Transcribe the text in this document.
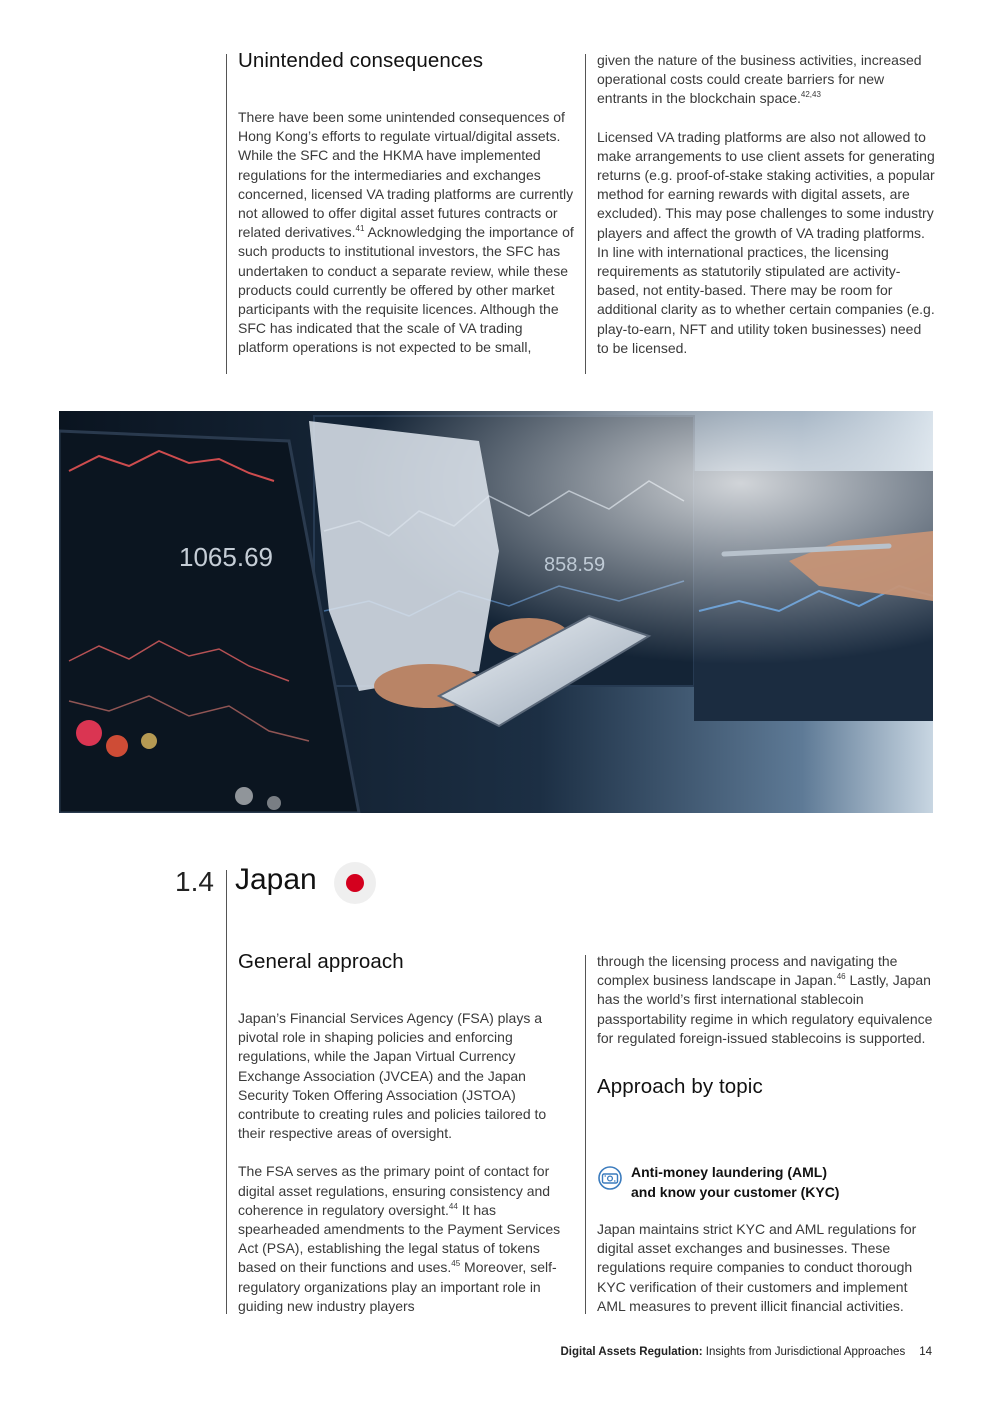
Unintended consequences

There have been some unintended consequences of Hong Kong’s efforts to regulate virtual/digital assets. While the SFC and the HKMA have implemented regulations for the intermediaries and exchanges concerned, licensed VA trading platforms are currently not allowed to offer digital asset futures contracts or related derivatives.$^{41}$ Acknowledging the importance of such products to institutional investors, the SFC has undertaken to conduct a separate review, while these products could currently be offered by other market participants with the requisite licences. Although the SFC has indicated that the scale of VA trading platform operations is not expected to be small,

given the nature of the business activities, increased operational costs could create barriers for new entrants in the blockchain space.$^{42,43}$

Licensed VA trading platforms are also not allowed to make arrangements to use client assets for generating returns (e.g. proof-of-stake staking activities, a popular method for earning rewards with digital assets, are excluded). This may pose challenges to some industry players and affect the growth of VA trading platforms. In line with international practices, the licensing requirements as statutorily stipulated are activity-based, not entity-based. There may be room for additional clarity as to whether certain companies (e.g. play-to-earn, NFT and utility token businesses) need to be licensed.

1065.69
1.4 Japan
General approach

Japan’s Financial Services Agency (FSA) plays a pivotal role in shaping policies and enforcing regulations, while the Japan Virtual Currency Exchange Association (JVCEA) and the Japan Security Token Offering Association (JSTOA) contribute to creating rules and policies tailored to their respective areas of oversight.

The FSA serves as the primary point of contact for digital asset regulations, ensuring consistency and coherence in regulatory oversight.$^{44}$ It has spearheaded amendments to the Payment Services Act (PSA), establishing the legal status of tokens based on their functions and uses.$^{45}$ Moreover, self-regulatory organizations play an important role in guiding new industry players

through the licensing process and navigating the complex business landscape in Japan.$^{46}$ Lastly, Japan has the world’s first international stablecoin passportability regime in which regulatory equivalence for regulated foreign-issued stablecoins is supported.

Approach by topic
Anti-money laundering (AML)
and know your customer (KYC)

Japan maintains strict KYC and AML regulations for digital asset exchanges and businesses. These regulations require companies to conduct thorough KYC verification of their customers and implement AML measures to prevent illicit financial activities.

Digital Assets Regulation: Insights from Jurisdictional Approaches 14
